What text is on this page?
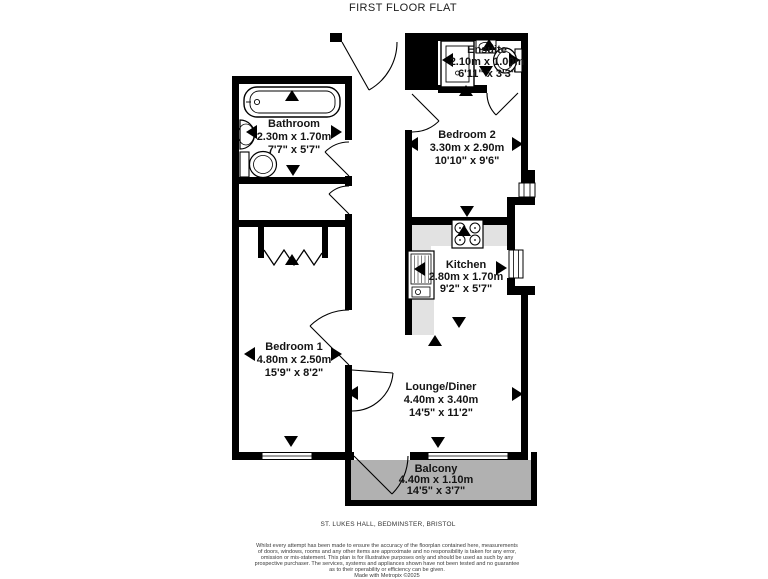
FIRST FLOOR FLAT
Bathroom
2.30m x 1.70m
7'7" x 5'7"
Ensuite
2.10m x 1.00m
6'11" x 3'3"
Bedroom 2
3.30m x 2.90m
10'10" x 9'6"
Kitchen
2.80m x 1.70m
9'2" x 5'7"
Bedroom 1
4.80m x 2.50m
15'9" x 8'2"
Lounge/Diner
4.40m x 3.40m
14'5" x 11'2"
Balcony
4.40m x 1.10m
14'5" x 3'7"
ST. LUKES HALL, BEDMINSTER, BRISTOL
Whilst every attempt has been made to ensure the accuracy of the floorplan contained here, measurements
of doors, windows, rooms and any other items are approximate and no responsibility is taken for any error,
omission or mis-statement. This plan is for illustrative purposes only and should be used as such by any
prospective purchaser. The services, systems and appliances shown have not been tested and no guarantee
as to their operability or efficiency can be given.
Made with Metropix ©2025
